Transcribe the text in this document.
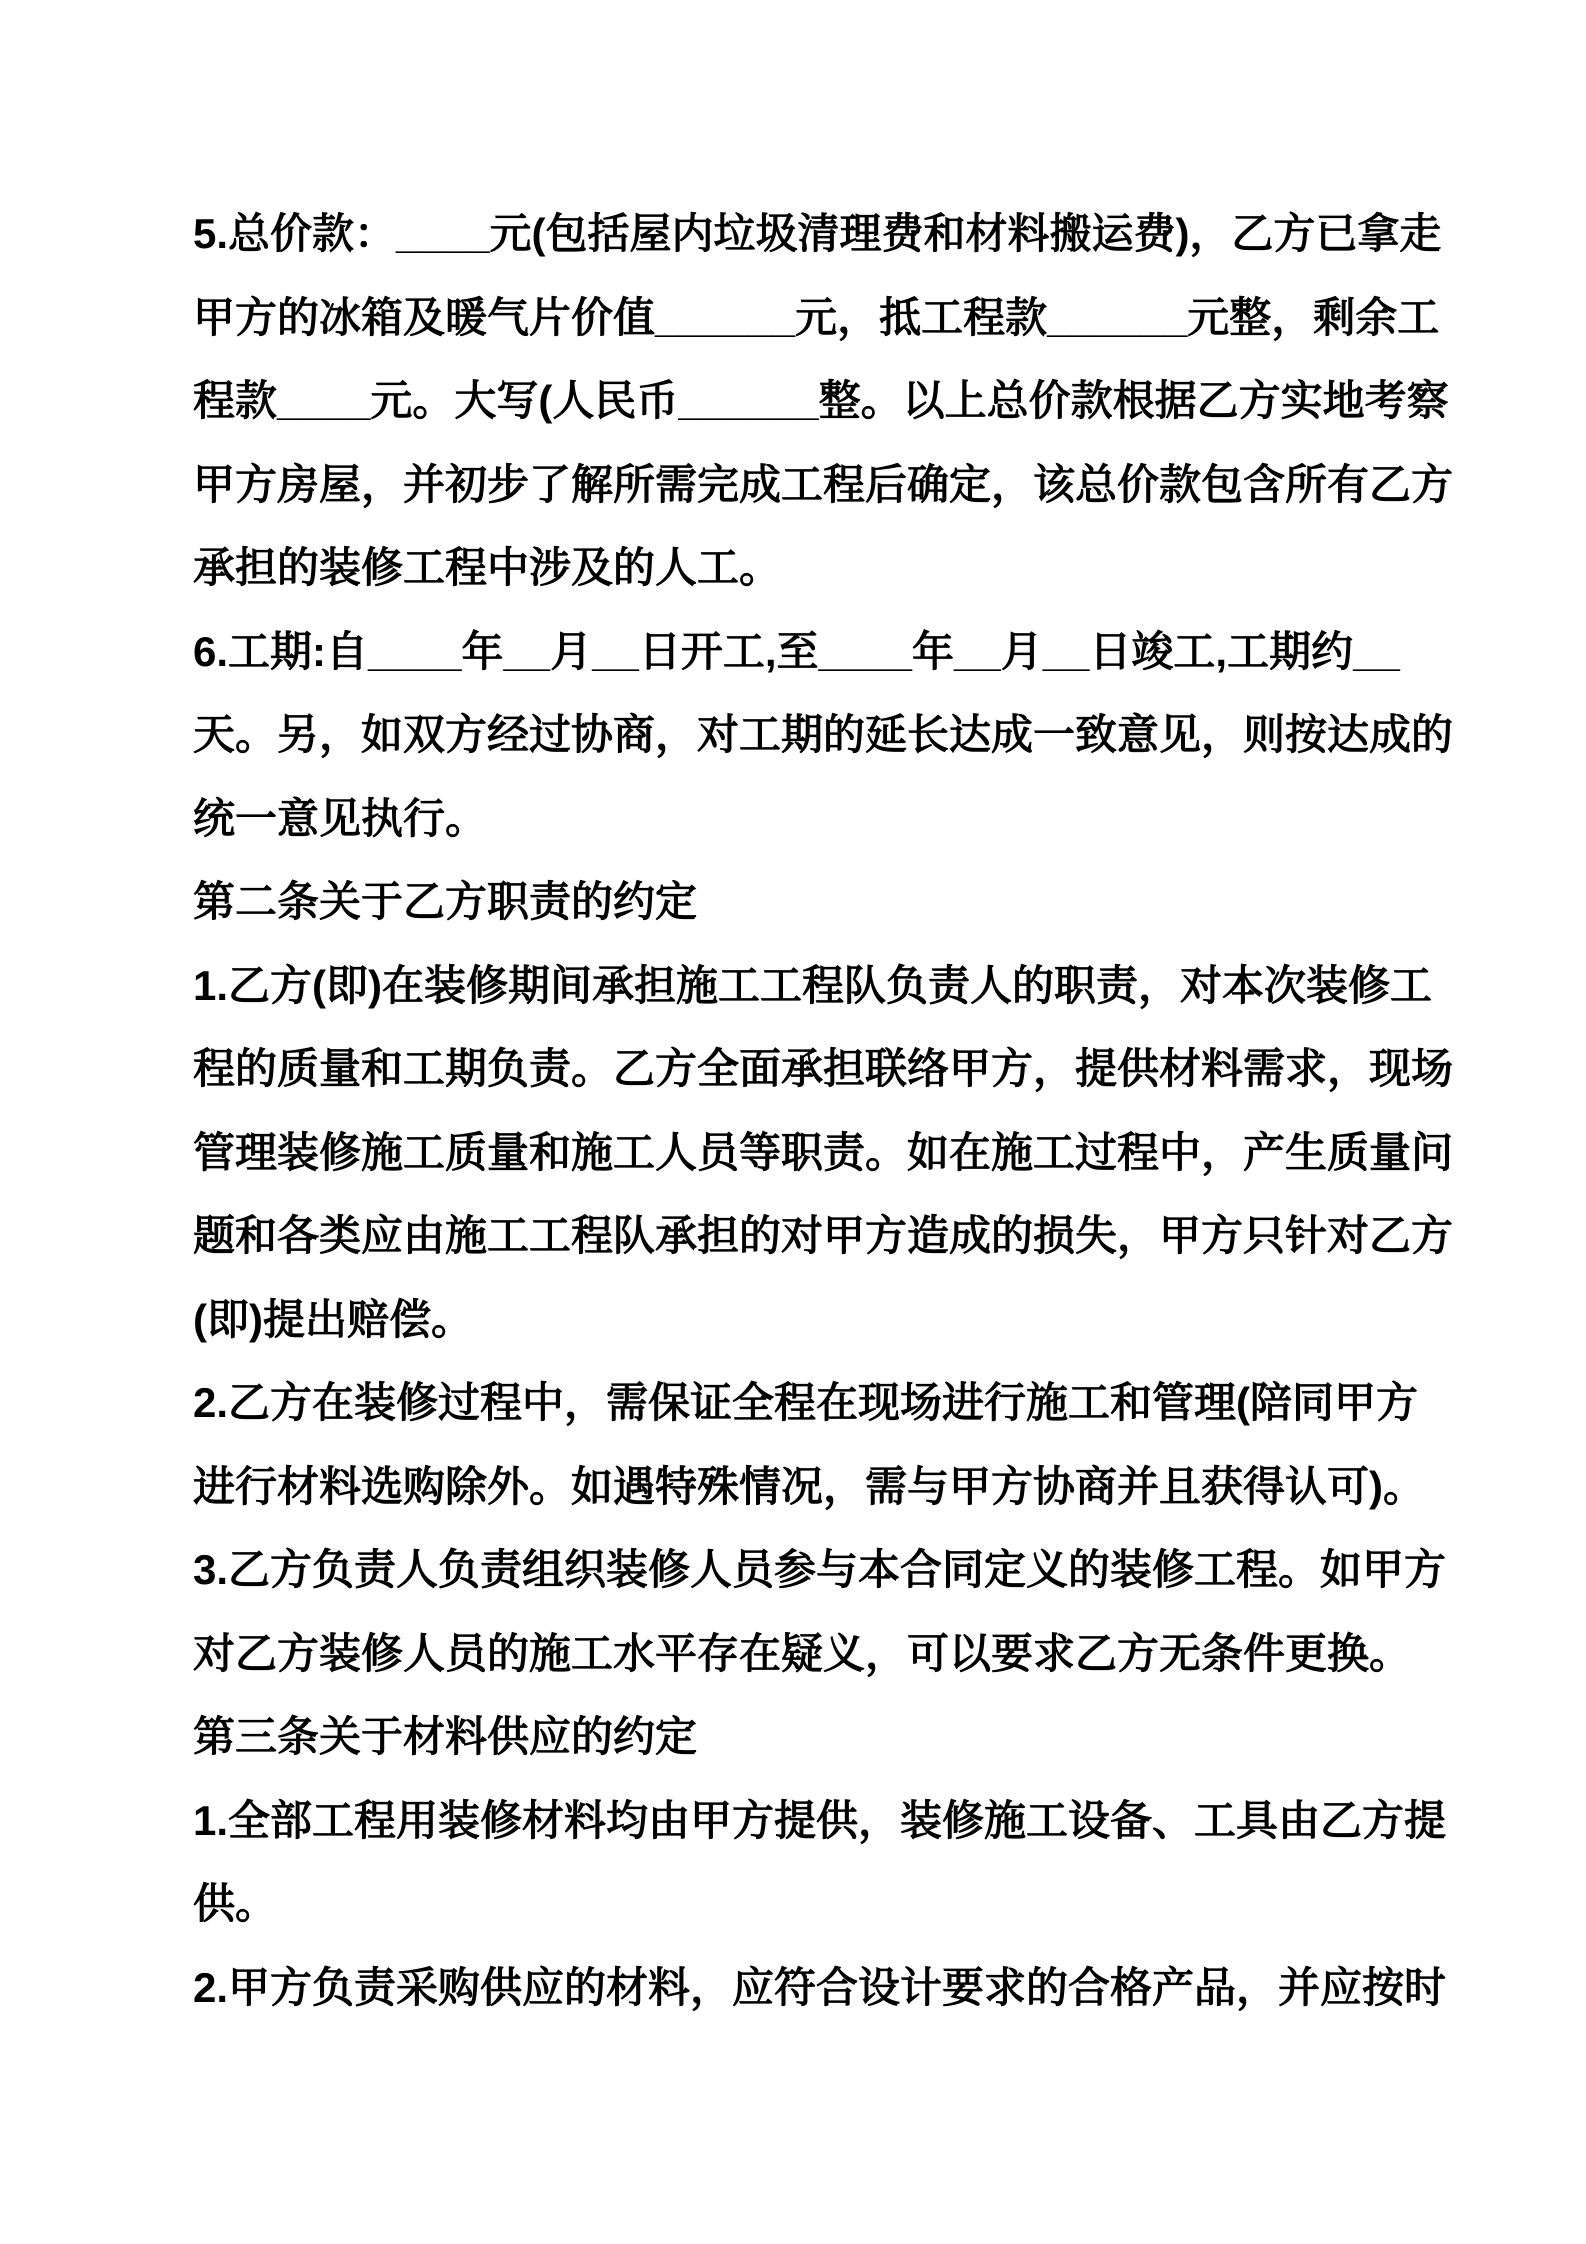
5.总价款：____元(包括屋内垃圾清理费和材料搬运费)，乙方已拿走
甲方的冰箱及暖气片价值______元，抵工程款______元整，剩余工
程款____元。大写(人民币______整。以上总价款根据乙方实地考察
甲方房屋，并初步了解所需完成工程后确定，该总价款包含所有乙方
承担的装修工程中涉及的人工。
6.工期:自____年__月__日开工,至____年__月__日竣工,工期约__
天。另，如双方经过协商，对工期的延长达成一致意见，则按达成的
统一意见执行。
第二条关于乙方职责的约定
1.乙方(即)在装修期间承担施工工程队负责人的职责，对本次装修工
程的质量和工期负责。乙方全面承担联络甲方，提供材料需求，现场
管理装修施工质量和施工人员等职责。如在施工过程中，产生质量问
题和各类应由施工工程队承担的对甲方造成的损失，甲方只针对乙方
(即)提出赔偿。
2.乙方在装修过程中，需保证全程在现场进行施工和管理(陪同甲方
进行材料选购除外。如遇特殊情况，需与甲方协商并且获得认可)。
3.乙方负责人负责组织装修人员参与本合同定义的装修工程。如甲方
对乙方装修人员的施工水平存在疑义，可以要求乙方无条件更换。
第三条关于材料供应的约定
1.全部工程用装修材料均由甲方提供，装修施工设备、工具由乙方提
供。
2.甲方负责采购供应的材料，应符合设计要求的合格产品，并应按时
